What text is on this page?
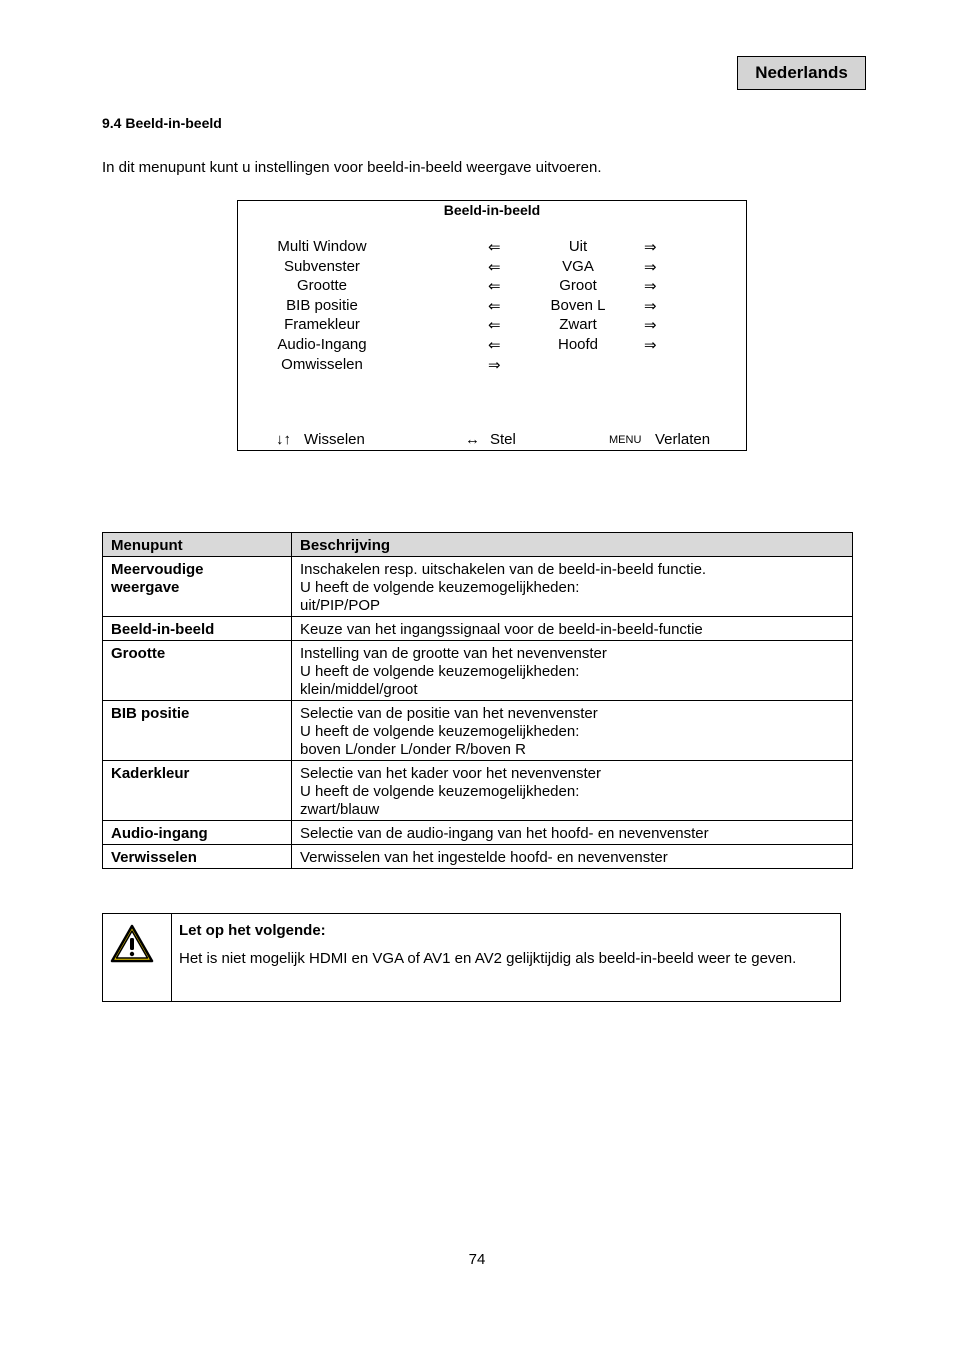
Nederlands
9.4 Beeld-in-beeld
In dit menupunt kunt u instellingen voor beeld-in-beeld weergave uitvoeren.
Beeld-in-beeld
Multi Window	⇐	Uit	⇒
Subvenster	⇐	VGA	⇒
Grootte	⇐	Groot	⇒
BIB positie	⇐	Boven L	⇒
Framekleur	⇐	Zwart	⇒
Audio-Ingang	⇐	Hoofd	⇒
Omwisselen	⇒
↓↑ Wisselen	↔ Stel	MENU Verlaten
Menupunt	Beschrijving

Meervoudige
weergave	Inschakelen resp. uitschakelen van de beeld-in-beeld functie.
U heeft de volgende keuzemogelijkheden:
uit/PIP/POP

Beeld-in-beeld	Keuze van het ingangssignaal voor de beeld-in-beeld-functie

Grootte	Instelling van de grootte van het nevenvenster
U heeft de volgende keuzemogelijkheden:
klein/middel/groot

BIB positie	Selectie van de positie van het nevenvenster
U heeft de volgende keuzemogelijkheden:
boven L/onder L/onder R/boven R

Kaderkleur	Selectie van het kader voor het nevenvenster
U heeft de volgende keuzemogelijkheden:
zwart/blauw

Audio-ingang	Selectie van de audio-ingang van het hoofd- en nevenvenster

Verwisselen	Verwisselen van het ingestelde hoofd- en nevenvenster
Let op het volgende:
Het is niet mogelijk HDMI en VGA of AV1 en AV2 gelijktijdig als beeld-in-beeld weer te geven.
74
